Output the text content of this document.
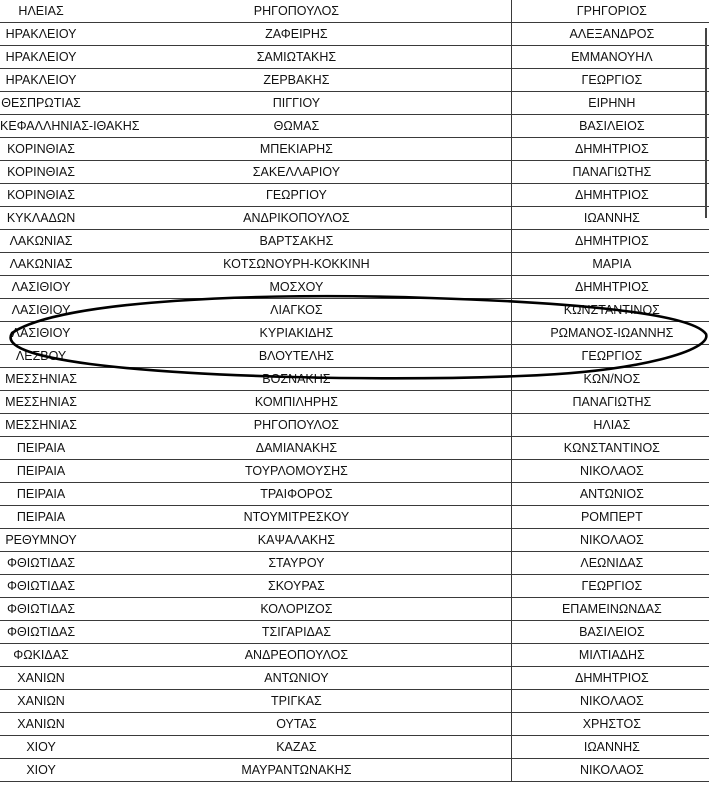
ΗΛΕΙΑΣ	ΡΗΓΟΠΟΥΛΟΣ	ΓΡΗΓΟΡΙΟΣ
ΗΡΑΚΛΕΙΟΥ	ΖΑΦΕΙΡΗΣ	ΑΛΕΞΑΝΔΡΟΣ
ΗΡΑΚΛΕΙΟΥ	ΣΑΜΙΩΤΑΚΗΣ	ΕΜΜΑΝΟΥΗΛ
ΗΡΑΚΛΕΙΟΥ	ΖΕΡΒΑΚΗΣ	ΓΕΩΡΓΙΟΣ
ΘΕΣΠΡΩΤΙΑΣ	ΠΙΓΓΙΟΥ	ΕΙΡΗΝΗ
ΚΕΦΑΛΛΗΝΙΑΣ-ΙΘΑΚΗΣ	ΘΩΜΑΣ	ΒΑΣΙΛΕΙΟΣ
ΚΟΡΙΝΘΙΑΣ	ΜΠΕΚΙΑΡΗΣ	ΔΗΜΗΤΡΙΟΣ
ΚΟΡΙΝΘΙΑΣ	ΣΑΚΕΛΛΑΡΙΟΥ	ΠΑΝΑΓΙΩΤΗΣ
ΚΟΡΙΝΘΙΑΣ	ΓΕΩΡΓΙΟΥ	ΔΗΜΗΤΡΙΟΣ
ΚΥΚΛΑΔΩΝ	ΑΝΔΡΙΚΟΠΟΥΛΟΣ	ΙΩΑΝΝΗΣ
ΛΑΚΩΝΙΑΣ	ΒΑΡΤΣΑΚΗΣ	ΔΗΜΗΤΡΙΟΣ
ΛΑΚΩΝΙΑΣ	ΚΟΤΣΩΝΟΥΡΗ-ΚΟΚΚΙΝΗ	ΜΑΡΙΑ
ΛΑΣΙΘΙΟΥ	ΜΟΣΧΟΥ	ΔΗΜΗΤΡΙΟΣ
ΛΑΣΙΘΙΟΥ	ΛΙΑΓΚΟΣ	ΚΩΝΣΤΑΝΤΙΝΟΣ
ΛΑΣΙΘΙΟΥ	ΚΥΡΙΑΚΙΔΗΣ	ΡΩΜΑΝΟΣ-ΙΩΑΝΝΗΣ
ΛΕΣΒΟΥ	ΒΛΟΥΤΕΛΗΣ	ΓΕΩΡΓΙΟΣ
ΜΕΣΣΗΝΙΑΣ	ΒΟΣΝΑΚΗΣ	ΚΩΝ/ΝΟΣ
ΜΕΣΣΗΝΙΑΣ	ΚΟΜΠΙΛΗΡΗΣ	ΠΑΝΑΓΙΩΤΗΣ
ΜΕΣΣΗΝΙΑΣ	ΡΗΓΟΠΟΥΛΟΣ	ΗΛΙΑΣ
ΠΕΙΡΑΙΑ	ΔΑΜΙΑΝΑΚΗΣ	ΚΩΝΣΤΑΝΤΙΝΟΣ
ΠΕΙΡΑΙΑ	ΤΟΥΡΛΟΜΟΥΣΗΣ	ΝΙΚΟΛΑΟΣ
ΠΕΙΡΑΙΑ	ΤΡΑΙΦΟΡΟΣ	ΑΝΤΩΝΙΟΣ
ΠΕΙΡΑΙΑ	ΝΤΟΥΜΙΤΡΕΣΚΟΥ	ΡΟΜΠΕΡΤ
ΡΕΘΥΜΝΟΥ	ΚΑΨΑΛΑΚΗΣ	ΝΙΚΟΛΑΟΣ
ΦΘΙΩΤΙΔΑΣ	ΣΤΑΥΡΟΥ	ΛΕΩΝΙΔΑΣ
ΦΘΙΩΤΙΔΑΣ	ΣΚΟΥΡΑΣ	ΓΕΩΡΓΙΟΣ
ΦΘΙΩΤΙΔΑΣ	ΚΟΛΟΡΙΖΟΣ	ΕΠΑΜΕΙΝΩΝΔΑΣ
ΦΘΙΩΤΙΔΑΣ	ΤΣΙΓΑΡΙΔΑΣ	ΒΑΣΙΛΕΙΟΣ
ΦΩΚΙΔΑΣ	ΑΝΔΡΕΟΠΟΥΛΟΣ	ΜΙΛΤΙΑΔΗΣ
ΧΑΝΙΩΝ	ΑΝΤΩΝΙΟΥ	ΔΗΜΗΤΡΙΟΣ
ΧΑΝΙΩΝ	ΤΡΙΓΚΑΣ	ΝΙΚΟΛΑΟΣ
ΧΑΝΙΩΝ	ΟΥΤΑΣ	ΧΡΗΣΤΟΣ
ΧΙΟΥ	ΚΑΖΑΣ	ΙΩΑΝΝΗΣ
ΧΙΟΥ	ΜΑΥΡΑΝΤΩΝΑΚΗΣ	ΝΙΚΟΛΑΟΣ
